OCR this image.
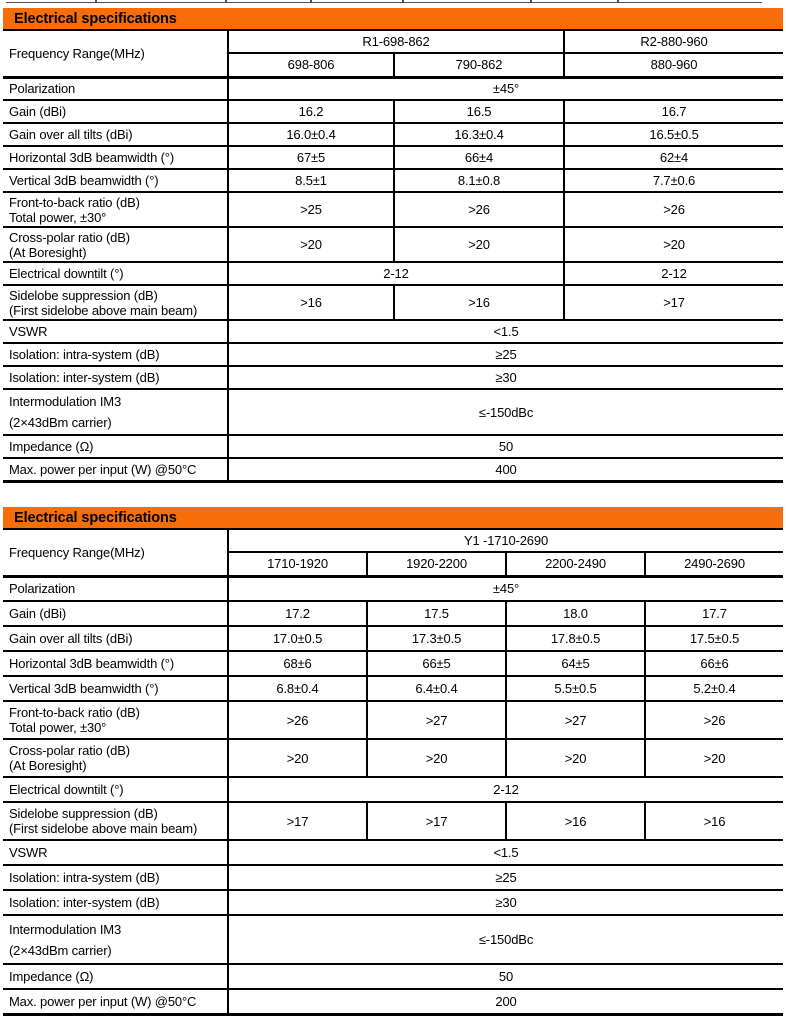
Electrical specifications
Frequency Range(MHz)	R1-698-862		R2-880-960
	698-806	790-862	880-960

Polarization	±45°		

Gain (dBi)	16.2	16.5	16.7

Gain over all tilts (dBi)	16.0±0.4	16.3±0.4	16.5±0.5

Horizontal 3dB beamwidth (°)	67±5	66±4	62±4

Vertical 3dB beamwidth (°)	8.5±1	8.1±0.8	7.7±0.6

Front-to-back ratio (dB)
Total power, ±30°	>25	>26	>26

Cross-polar ratio (dB)
(At Boresight)	>20	>20	>20

Electrical downtilt (°)	2-12		2-12

Sidelobe suppression (dB)
(First sidelobe above main beam)	>16	>16	>17

VSWR	<1.5		

Isolation: intra-system (dB)	≥25		

Isolation: inter-system (dB)	≥30		

Intermodulation IM3
(2×43dBm carrier)	≤-150dBc		

Impedance (Ω)	50		

Max. power per input (W) @50°C	400		
Electrical specifications
Frequency Range(MHz)	Y1 -1710-2690			
	1710-1920	1920-2200	2200-2490	2490-2690

Polarization	±45°			

Gain (dBi)	17.2	17.5	18.0	17.7

Gain over all tilts (dBi)	17.0±0.5	17.3±0.5	17.8±0.5	17.5±0.5

Horizontal 3dB beamwidth (°)	68±6	66±5	64±5	66±6

Vertical 3dB beamwidth (°)	6.8±0.4	6.4±0.4	5.5±0.5	5.2±0.4

Front-to-back ratio (dB)
Total power, ±30°	>26	>27	>27	>26

Cross-polar ratio (dB)
(At Boresight)	>20	>20	>20	>20

Electrical downtilt (°)	2-12			

Sidelobe suppression (dB)
(First sidelobe above main beam)	>17	>17	>16	>16

VSWR	<1.5			

Isolation: intra-system (dB)	≥25			

Isolation: inter-system (dB)	≥30			

Intermodulation IM3
(2×43dBm carrier)	≤-150dBc			

Impedance (Ω)	50			

Max. power per input (W) @50°C	200			
